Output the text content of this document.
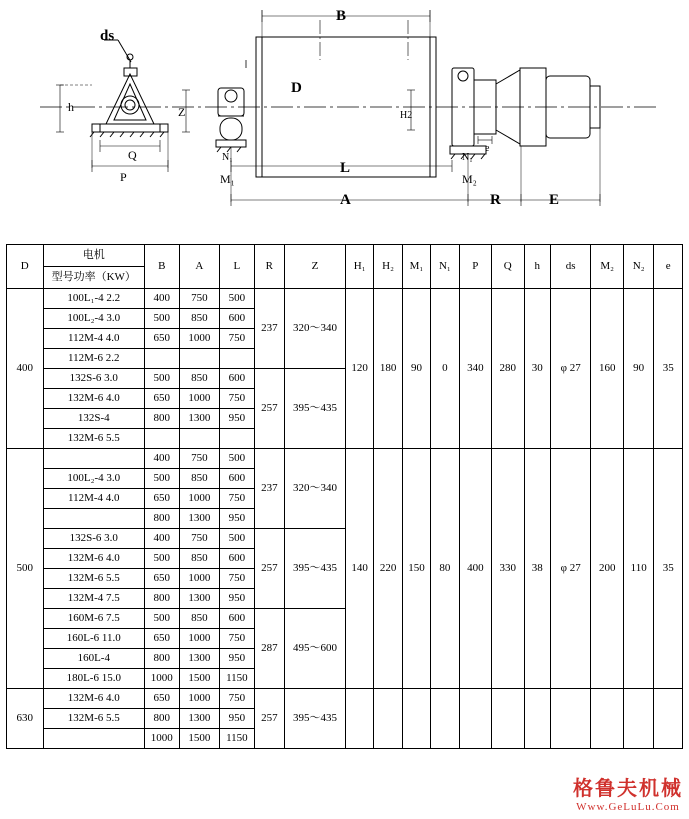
ds
B
D
h	Z
Q
P
L
A	R	E
H2
N₁
M₁
N₁
M₂
e
D	电机	B	A	L	R	Z	H₁	H₂	M₁	N₁	P	Q	h	ds	M₂	N₂	e
	型号功率（KW）																
400	100L₁-4 2.2	400	750	500	237	320～340	120	180	90	0	340	280	30	φ 27	160	90	35
	100L₂-4 3.0	500	850	600													
	112M-4 4.0	650	1000	750													
	112M-6 2.2																
	132S-6 3.0	500	850	600	257	395～435											
	132M-6 4.0	650	1000	750													
	132S-4	800	1300	950													
	132M-6 5.5																
500		400	750	500	237	320～340	140	220	150	80	400	330	38	φ 27	200	110	35
	100L₂-4 3.0	500	850	600													
	112M-4 4.0	650	1000	750													
		800	1300	950													
	132S-6 3.0	400	750	500	257	395～435											
	132M-6 4.0	500	850	600													
	132M-6 5.5	650	1000	750													
	132M-4 7.5	800	1300	950													
	160M-6 7.5	500	850	600	287	495～600											
	160L-6 11.0	650	1000	750													
	160L-4	800	1300	950													
	180L-6 15.0	1000	1500	1150													
630	132M-6 4.0	650	1000	750	257	395～435											
	132M-6 5.5	800	1300	950													
		1000	1500	1150													
格鲁夫机械
Www.GeLuLu.Com
